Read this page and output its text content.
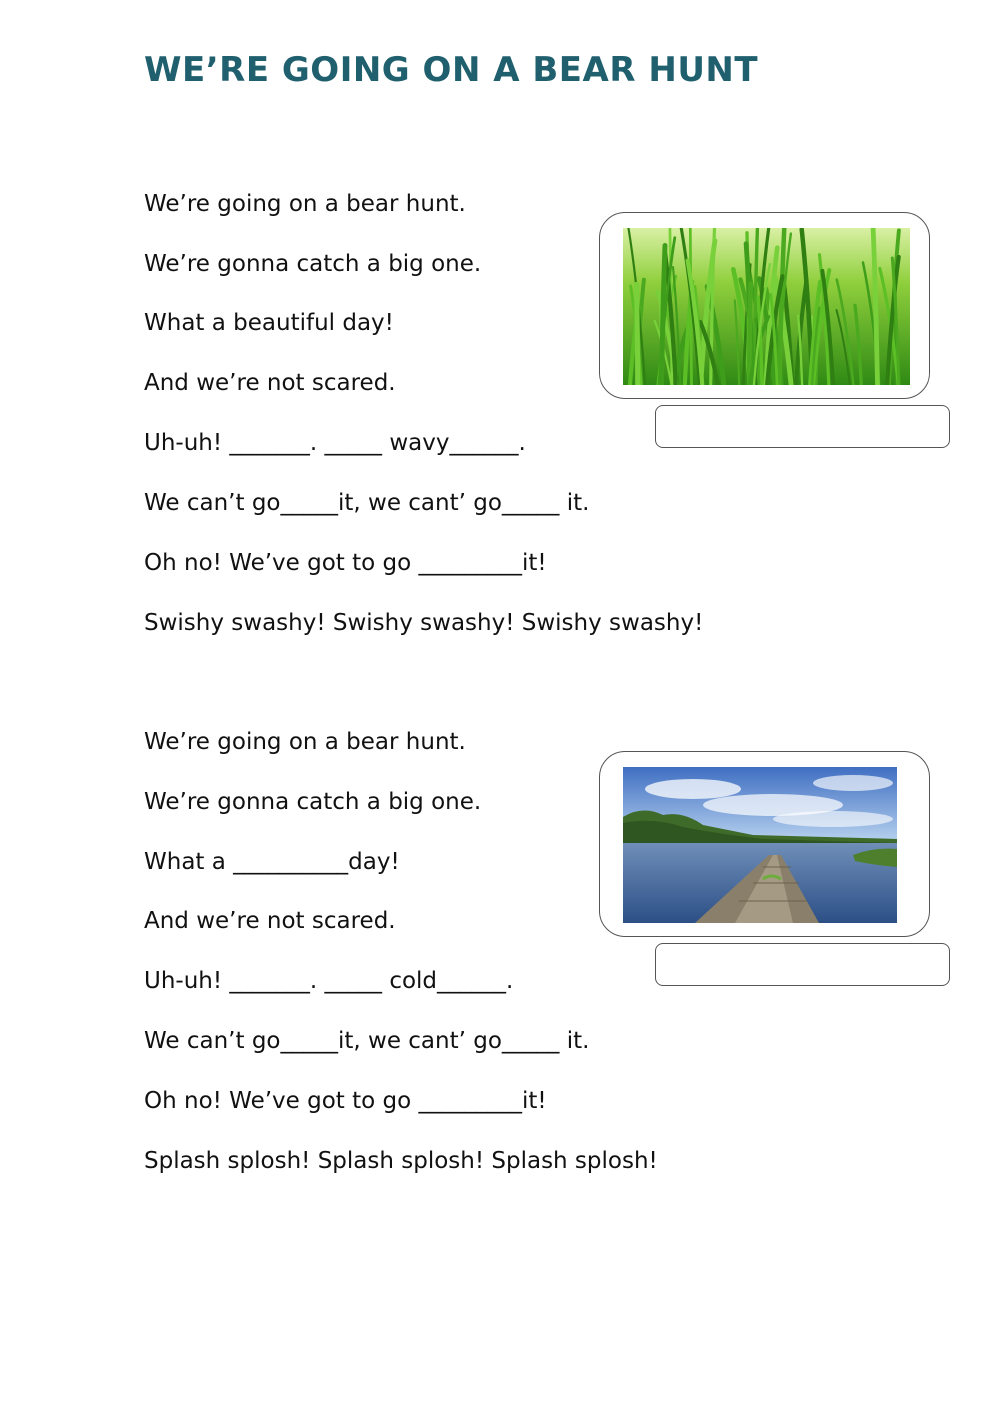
WE’RE GOING ON A BEAR HUNT
We’re going on a bear hunt.
We’re gonna catch a big one.
What a beautiful day!
And we’re not scared.
Uh-uh! _______. _____ wavy______.
We can’t go_____it, we cant’ go_____ it.
Oh no! We’ve got to go _________it!
Swishy swashy! Swishy swashy! Swishy swashy!
We’re going on a bear hunt.
We’re gonna catch a big one.
What a __________day!
And we’re not scared.
Uh-uh! _______. _____ cold______.
We can’t go_____it, we cant’ go_____ it.
Oh no! We’ve got to go _________it!
Splash splosh! Splash splosh! Splash splosh!
